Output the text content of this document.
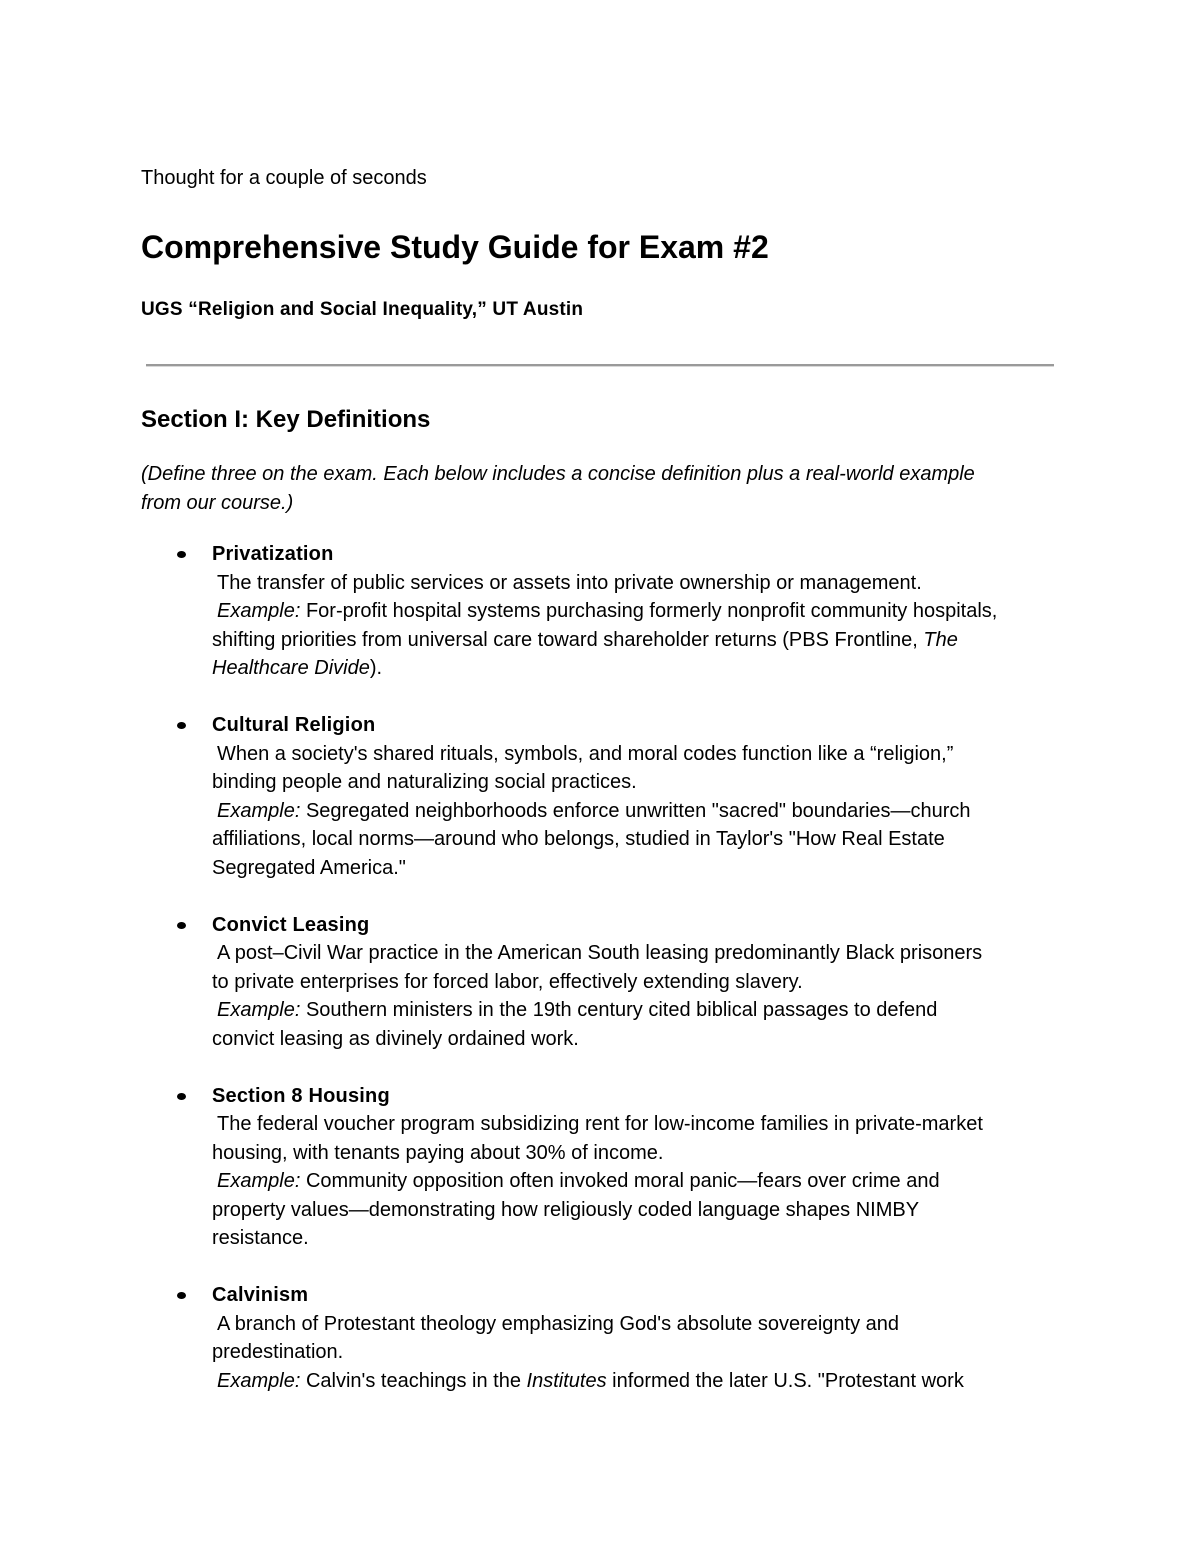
Thought for a couple of seconds
Comprehensive Study Guide for Exam #2
UGS “Religion and Social Inequality,” UT Austin
Section I: Key Definitions
(Define three on the exam. Each below includes a concise definition plus a real-world example
from our course.)
Privatization
The transfer of public services or assets into private ownership or management.
Example: For-profit hospital systems purchasing formerly nonprofit community hospitals,
shifting priorities from universal care toward shareholder returns (PBS Frontline, The
Healthcare Divide).
Cultural Religion
When a society's shared rituals, symbols, and moral codes function like a “religion,”
binding people and naturalizing social practices.
Example: Segregated neighborhoods enforce unwritten "sacred" boundaries—church
affiliations, local norms—around who belongs, studied in Taylor's "How Real Estate
Segregated America."
Convict Leasing
A post–Civil War practice in the American South leasing predominantly Black prisoners
to private enterprises for forced labor, effectively extending slavery.
Example: Southern ministers in the 19th century cited biblical passages to defend
convict leasing as divinely ordained work.
Section 8 Housing
The federal voucher program subsidizing rent for low-income families in private-market
housing, with tenants paying about 30% of income.
Example: Community opposition often invoked moral panic—fears over crime and
property values—demonstrating how religiously coded language shapes NIMBY
resistance.
Calvinism
A branch of Protestant theology emphasizing God's absolute sovereignty and
predestination.
Example: Calvin's teachings in the Institutes informed the later U.S. "Protestant work
